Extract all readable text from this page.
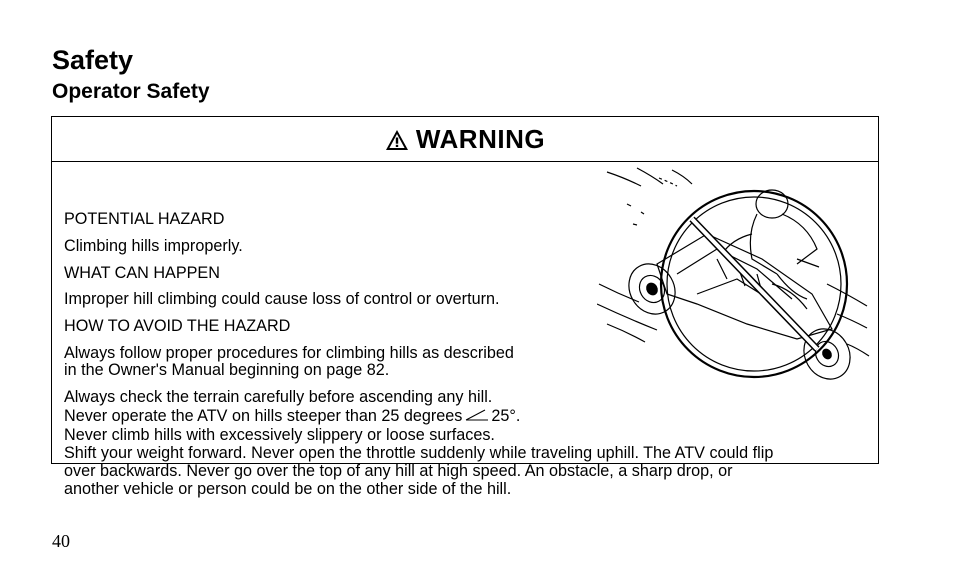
Safety
Operator Safety
WARNING

POTENTIAL HAZARD

Climbing hills improperly.

WHAT CAN HAPPEN

Improper hill climbing could cause loss of control or overturn.

HOW TO AVOID THE HAZARD

Always follow proper procedures for climbing hills as described

in the Owner's Manual beginning on page 82.

Always check the terrain carefully before ascending any hill.

Never operate the ATV on hills steeper than 25 degrees 25°.

Never climb hills with excessively slippery or loose surfaces.

Shift your weight forward. Never open the throttle suddenly while traveling uphill. The ATV could flip

over backwards. Never go over the top of any hill at high speed. An obstacle, a sharp drop, or

another vehicle or person could be on the other side of the hill.

40
